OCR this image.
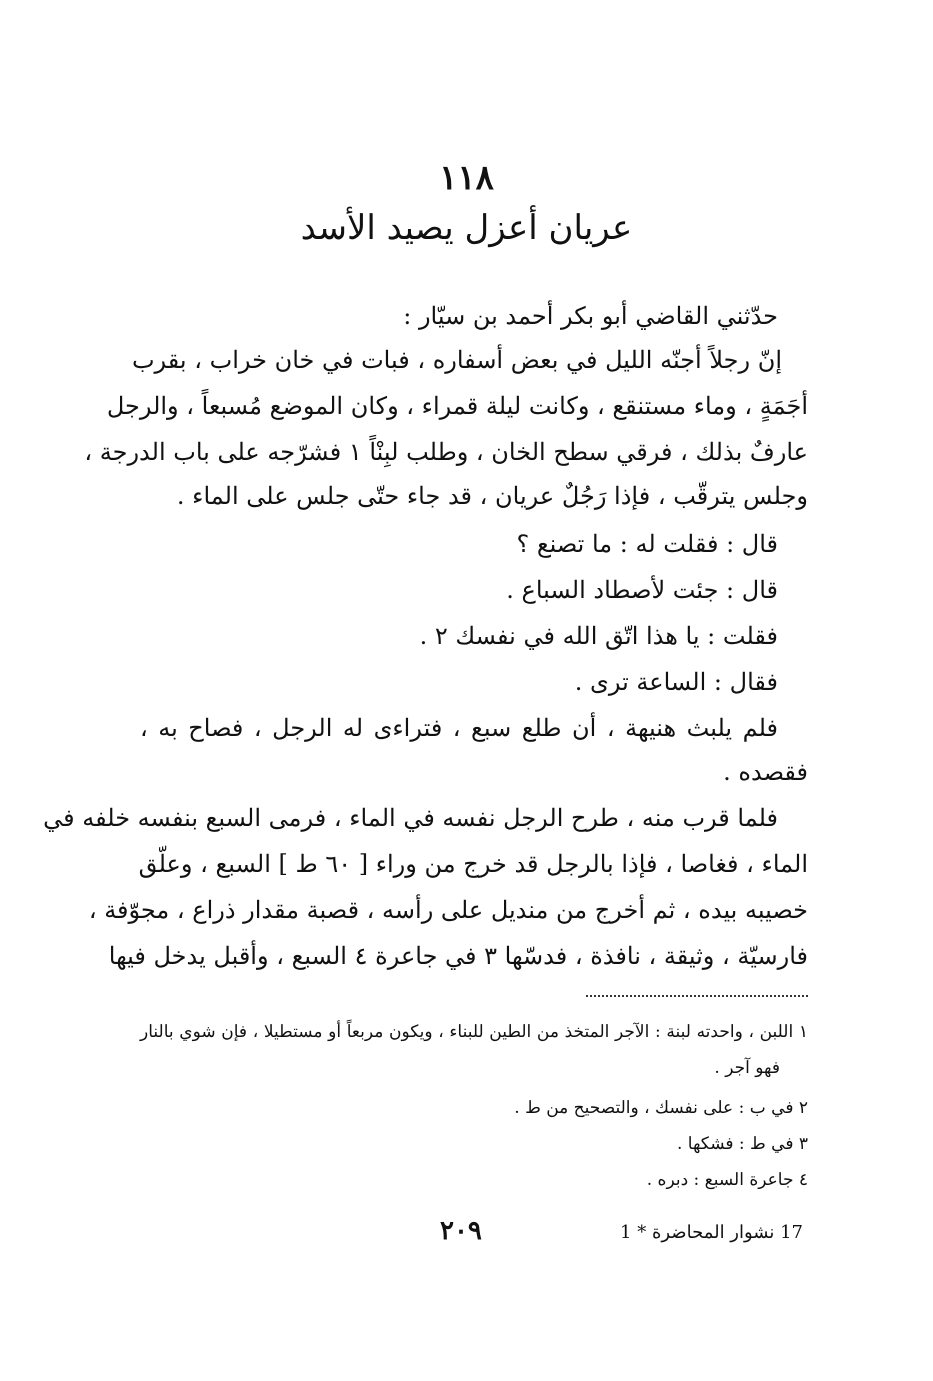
١١٨
عريان أعزل يصيد الأسد
حدّثني القاضي أبو بكر أحمد بن سيّار :
إنّ رجلاً أجنّه الليل في بعض أسفاره ، فبات في خان خراب ، بقرب
أجَمَةٍ ، وماء مستنقع ، وكانت ليلة قمراء ، وكان الموضع مُسبعاً ، والرجل
عارفٌ بذلك ، فرقي سطح الخان ، وطلب لبِنْاً ١ فشرّجه على باب الدرجة ،
وجلس يترقّب ، فإذا رَجُلٌ عريان ، قد جاء حتّى جلس على الماء .
قال : فقلت له : ما تصنع ؟
قال : جئت لأصطاد السباع .
فقلت : يا هذا اتّق الله في نفسك ٢ .
فقال : الساعة ترى .
فلم يلبث هنيهة ، أن طلع سبع ، فتراءى له الرجل ، فصاح به ،
فقصده .
فلما قرب منه ، طرح الرجل نفسه في الماء ، فرمى السبع بنفسه خلفه في
الماء ، فغاصا ، فإذا بالرجل قد خرج من وراء [ ٦٠ ط ] السبع ، وعلّق
خصيبه بيده ، ثم أخرج من منديل على رأسه ، قصبة مقدار ذراع ، مجوّفة ،
فارسيّة ، وثيقة ، نافذة ، فدسّها ٣ في جاعرة ٤ السبع ، وأقبل يدخل فيها
١ اللبن ، واحدته لبنة : الآجر المتخذ من الطين للبناء ، ويكون مربعاً أو مستطيلا ، فإن شوي بالنار
فهو آجر .
٢ في ب : على نفسك ، والتصحيح من ط .
٣ في ط : فشكها .
٤ جاعرة السبع : دبره .
٢٠٩	17 نشوار المحاضرة * 1
